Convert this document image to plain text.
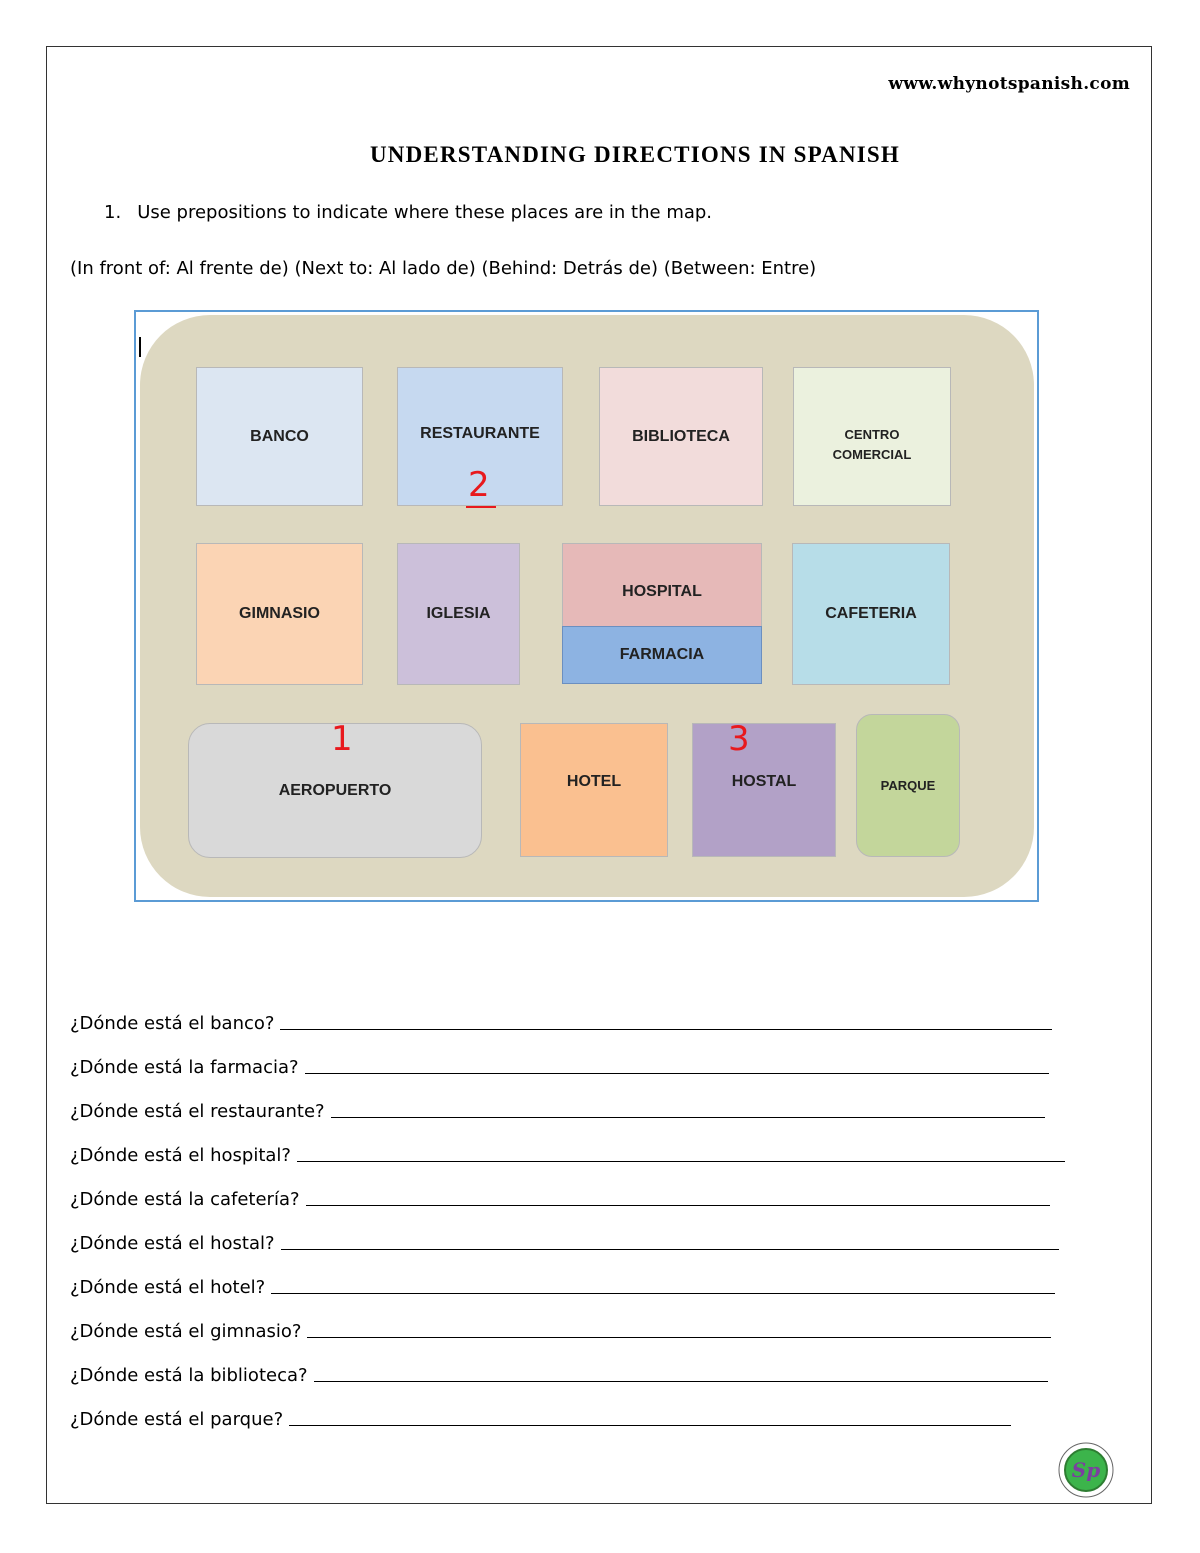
www.whynotspanish.com
UNDERSTANDING DIRECTIONS IN SPANISH
1. Use prepositions to indicate where these places are in the map.
(In front of: Al frente de) (Next to: Al lado de) (Behind: Detrás de) (Between: Entre)
BANCO	RESTAURANTE	BIBLIOTECA	CENTRO
COMERCIAL
GIMNASIO	IGLESIA
HOSPITAL
FARMACIA
CAFETERIA
AEROPUERTO
HOTEL	HOSTAL	PARQUE
2
1	3
¿Dónde está el banco?
¿Dónde está la farmacia?
¿Dónde está el restaurante?
¿Dónde está el hospital?
¿Dónde está la cafetería?
¿Dónde está el hostal?
¿Dónde está el hotel?
¿Dónde está el gimnasio?
¿Dónde está la biblioteca?
¿Dónde está el parque?
Sp
